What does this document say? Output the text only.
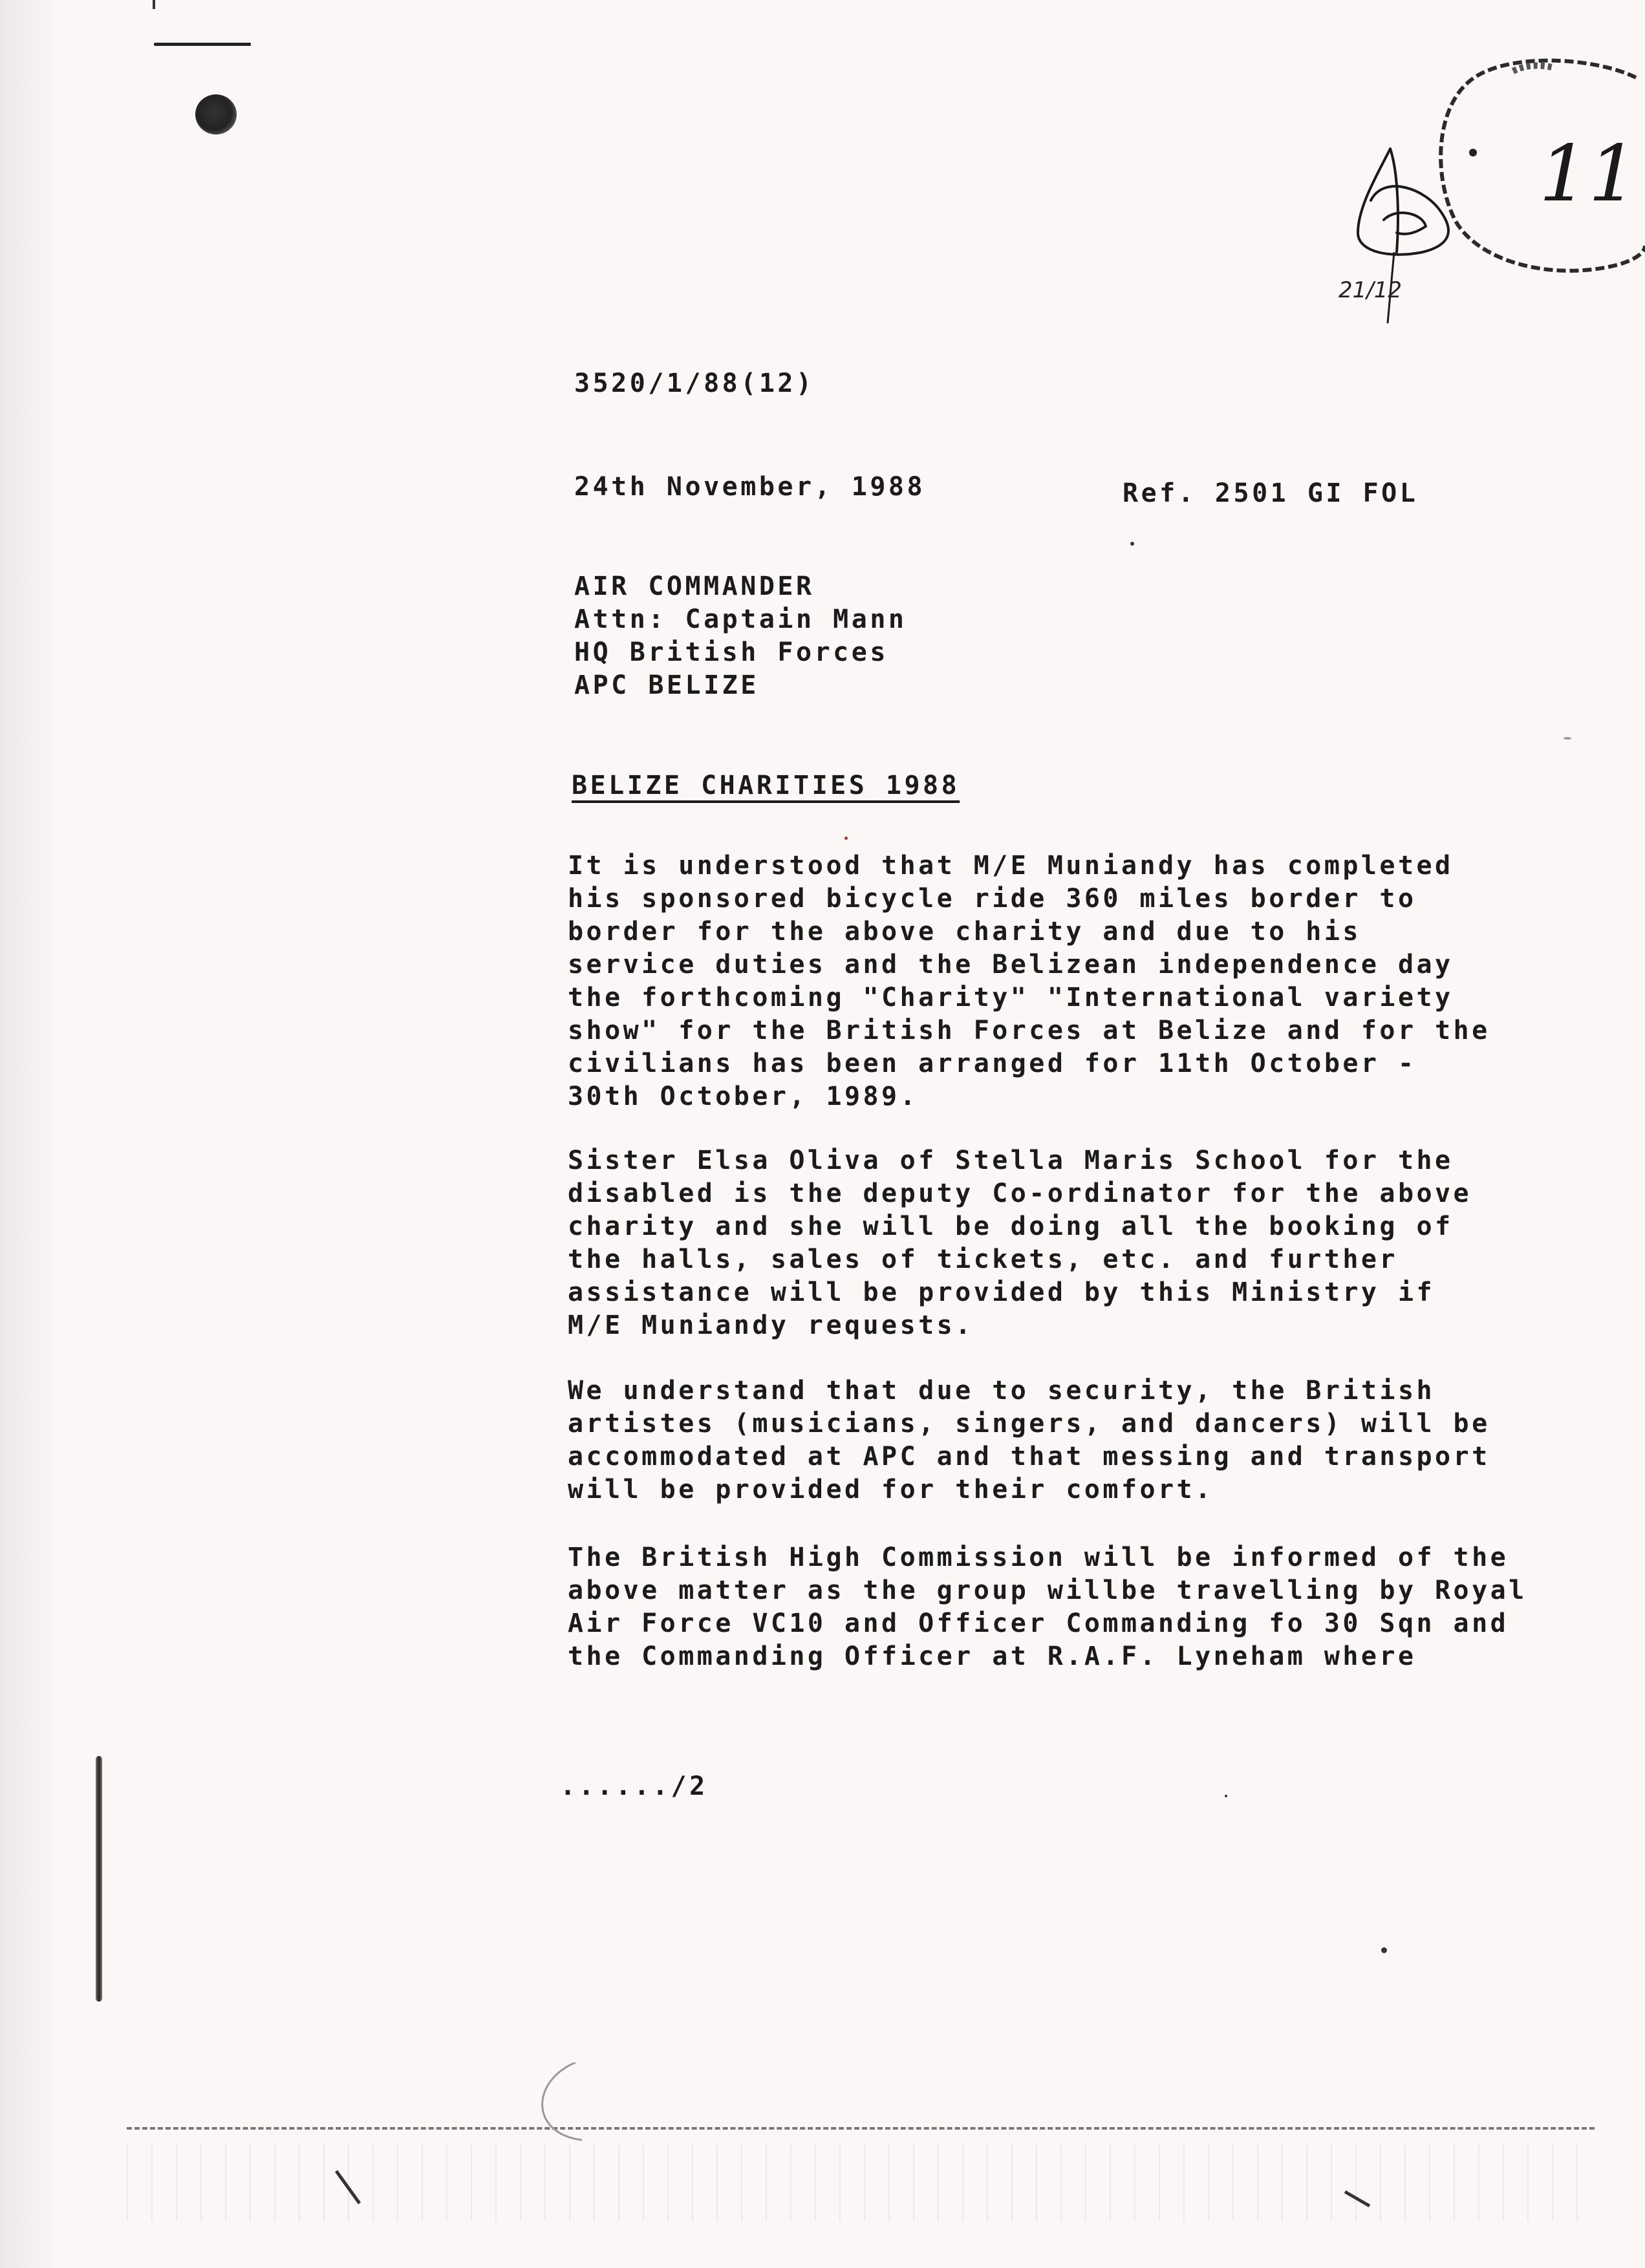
21/12
11
3520/1/88(12)
24th November, 1988	Ref. 2501 GI FOL
AIR COMMANDER
Attn: Captain Mann
HQ British Forces
APC BELIZE
BELIZE CHARITIES 1988
It is understood that M/E Muniandy has completed
his sponsored bicycle ride 360 miles border to
border for the above charity and due to his
service duties and the Belizean independence day
the forthcoming "Charity" "International variety
show" for the British Forces at Belize and for the
civilians has been arranged for 11th October -
30th October, 1989.
Sister Elsa Oliva of Stella Maris School for the
disabled is the deputy Co-ordinator for the above
charity and she will be doing all the booking of
the halls, sales of tickets, etc. and further
assistance will be provided by this Ministry if
M/E Muniandy requests.
We understand that due to security, the British
artistes (musicians, singers, and dancers) will be
accommodated at APC and that messing and transport
will be provided for their comfort.
The British High Commission will be informed of the
above matter as the group willbe travelling by Royal
Air Force VC10 and Officer Commanding fo 30 Sqn and
the Commanding Officer at R.A.F. Lyneham where
....../2
